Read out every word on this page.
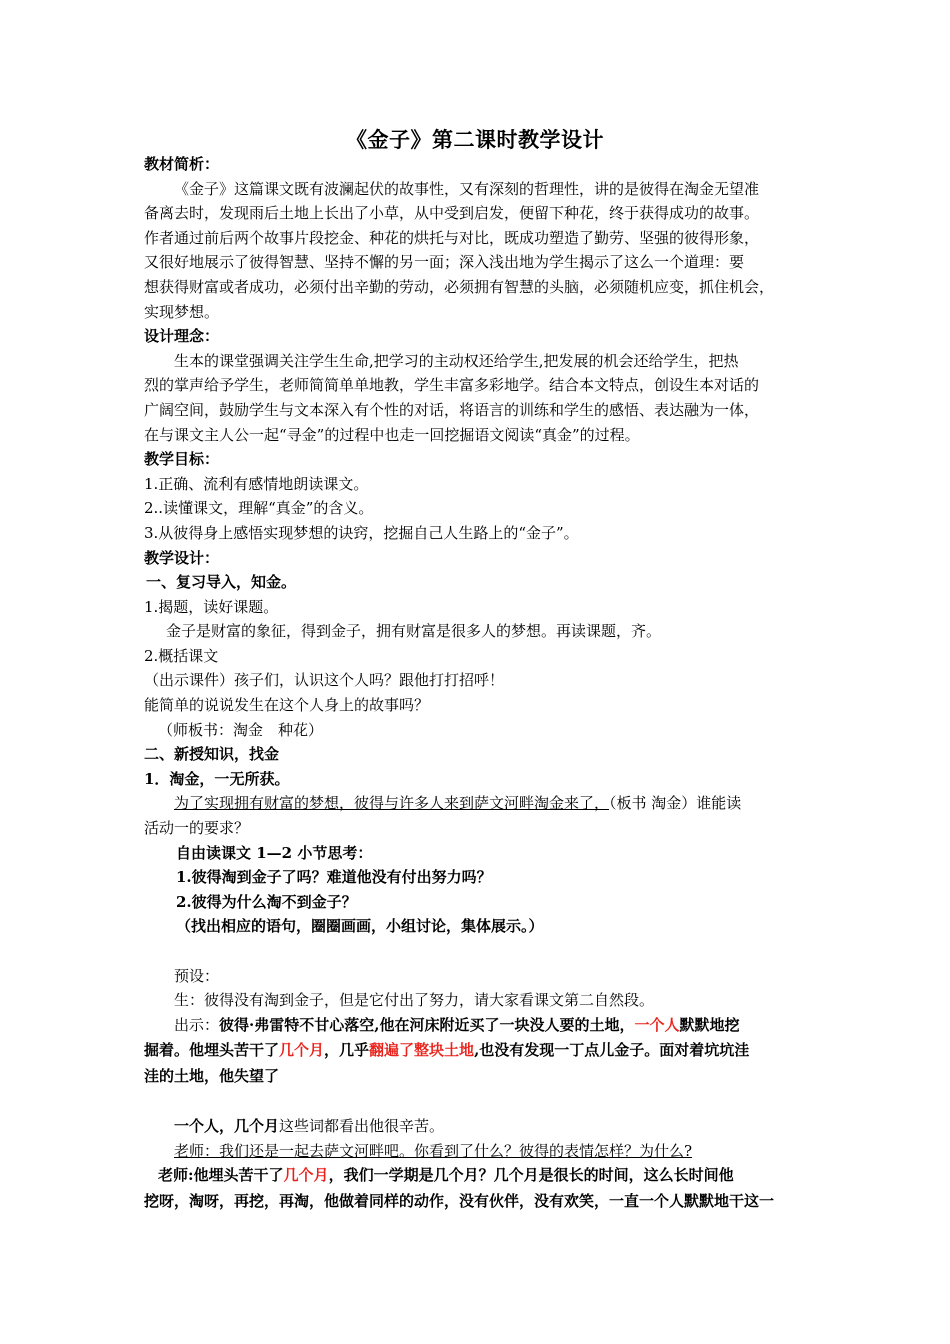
《金子》第二课时教学设计
教材简析：
《金子》这篇课文既有波澜起伏的故事性，又有深刻的哲理性，讲的是彼得在淘金无望准
备离去时，发现雨后土地上长出了小草，从中受到启发，便留下种花，终于获得成功的故事。
作者通过前后两个故事片段挖金、种花的烘托与对比，既成功塑造了勤劳、坚强的彼得形象，
又很好地展示了彼得智慧、坚持不懈的另一面；深入浅出地为学生揭示了这么一个道理：要
想获得财富或者成功，必须付出辛勤的劳动，必须拥有智慧的头脑，必须随机应变，抓住机会，
实现梦想。
设计理念：
生本的课堂强调关注学生生命,把学习的主动权还给学生,把发展的机会还给学生，把热
烈的掌声给予学生，老师简简单单地教，学生丰富多彩地学。结合本文特点，创设生本对话的
广阔空间，鼓励学生与文本深入有个性的对话，将语言的训练和学生的感悟、表达融为一体，
在与课文主人公一起“寻金”的过程中也走一回挖掘语文阅读“真金”的过程。
教学目标：
1.正确、流利有感情地朗读课文。
2..读懂课文，理解“真金”的含义。
3.从彼得身上感悟实现梦想的诀窍，挖掘自己人生路上的“金子”。
教学设计：
一、复习导入，知金。
1.揭题，读好课题。
金子是财富的象征，得到金子，拥有财富是很多人的梦想。再读课题，齐。
2.概括课文
（出示课件）孩子们，认识这个人吗？跟他打打招呼！
能简单的说说发生在这个人身上的故事吗？
（师板书：淘金　种花）
二、新授知识，找金
1．淘金，一无所获。
为了实现拥有财富的梦想，彼得与许多人来到萨文河畔淘金来了，（板书 淘金）谁能读
活动一的要求？
自由读课文 1—2 小节思考：
1.彼得淘到金子了吗？难道他没有付出努力吗？
2.彼得为什么淘不到金子？
（找出相应的语句，圈圈画画，小组讨论，集体展示。）
预设：
生：彼得没有淘到金子，但是它付出了努力，请大家看课文第二自然段。
出示：彼得·弗雷特不甘心落空,他在河床附近买了一块没人要的土地，一个人默默地挖
掘着。他埋头苦干了几个月，几乎翻遍了整块土地,也没有发现一丁点儿金子。面对着坑坑洼
洼的土地，他失望了
一个人，几个月这些词都看出他很辛苦。
老师：我们还是一起去萨文河畔吧。你看到了什么？彼得的表情怎样？为什么?
老师:他埋头苦干了几个月，我们一学期是几个月？几个月是很长的时间，这么长时间他
挖呀，淘呀，再挖，再淘，他做着同样的动作，没有伙伴，没有欢笑，一直一个人默默地干这一
